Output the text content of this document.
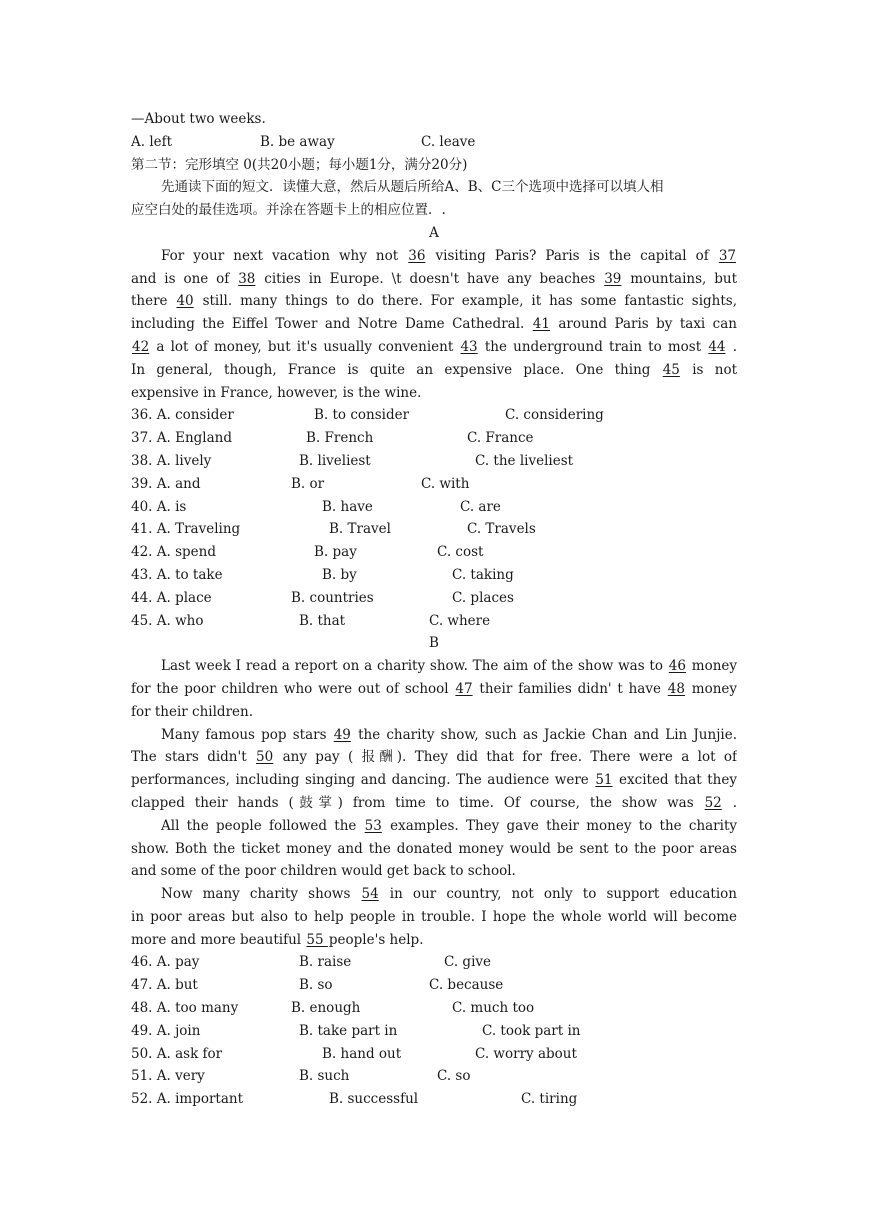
—About two weeks.
A. left	B. be away	C. leave
第二节：完形填空 0(共20小题；每小题1分，满分20分)
先通读下面的短文．读懂大意，然后从题后所给A、B、C三个选项中选择可以填人相
应空白处的最佳选项。并涂在答题卡上的相应位置．.
A
For your next vacation why not 36 visiting Paris? Paris is the capital of 37
and is one of 38 cities in Europe. \t doesn't have any beaches 39 mountains, but
there 40 still. many things to do there. For example, it has some fantastic sights,
including the Eiffel Tower and Notre Dame Cathedral. 41 around Paris by taxi can
42 a lot of money, but it's usually convenient 43 the underground train to most 44 .
In general, though, France is quite an expensive place. One thing 45 is not
expensive in France, however, is the wine.
36. A. consider	B. to consider	C. considering
37. A. England	B. French	C. France
38. A. lively	B. liveliest	C. the liveliest
39. A. and	B. or	C. with
40. A. is	B. have	C. are
41. A. Traveling	B. Travel	C. Travels
42. A. spend	B. pay	C. cost
43. A. to take	B. by	C. taking
44. A. place	B. countries	C. places
45. A. who	B. that	C. where
B
Last week I read a report on a charity show. The aim of the show was to 46 money
for the poor children who were out of school 47 their families didn' t have 48 money
for their children.
Many famous pop stars 49 the charity show, such as Jackie Chan and Lin Junjie.
The stars didn't 50 any pay ( 报酬). They did that for free. There were a lot of
performances, including singing and dancing. The audience were 51 excited that they
clapped their hands (鼓掌) from time to time. Of course, the show was 52 .
All the people followed the 53 examples. They gave their money to the charity
show. Both the ticket money and the donated money would be sent to the poor areas
and some of the poor children would get back to school.
Now many charity shows 54 in our country, not only to support education
in poor areas but also to help people in trouble. I hope the whole world will become
more and more beautiful 55 people's help.
46. A. pay	B. raise	C. give
47. A. but	B. so	C. because
48. A. too many	B. enough	C. much too
49. A. join	B. take part in	C. took part in
50. A. ask for	B. hand out	C. worry about
51. A. very	B. such	C. so
52. A. important	B. successful	C. tiring
